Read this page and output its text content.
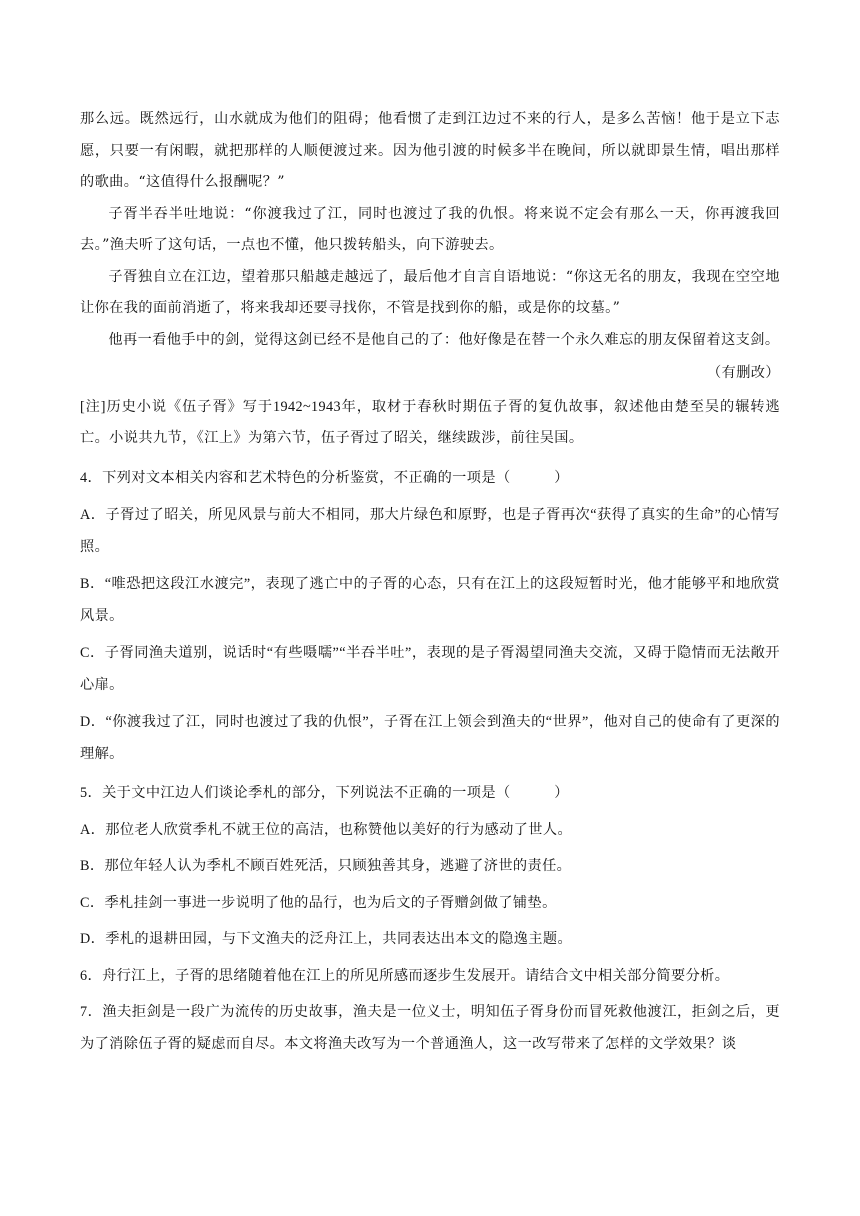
那么远。既然远行，山水就成为他们的阻碍；他看惯了走到江边过不来的行人，是多么苦恼！他于是立下志愿，只要一有闲暇，就把那样的人顺便渡过来。因为他引渡的时候多半在晚间，所以就即景生情，唱出那样的歌曲。“这值得什么报酬呢？”

子胥半吞半吐地说：“你渡我过了江，同时也渡过了我的仇恨。将来说不定会有那么一天，你再渡我回去。”渔夫听了这句话，一点也不懂，他只拨转船头，向下游驶去。

子胥独自立在江边，望着那只船越走越远了，最后他才自言自语地说：“你这无名的朋友，我现在空空地让你在我的面前消逝了，将来我却还要寻找你，不管是找到你的船，或是你的坟墓。”

他再一看他手中的剑，觉得这剑已经不是他自己的了：他好像是在替一个永久难忘的朋友保留着这支剑。

（有删改）

[注]历史小说《伍子胥》写于1942~1943年，取材于春秋时期伍子胥的复仇故事，叙述他由楚至吴的辗转逃亡。小说共九节，《江上》为第六节，伍子胥过了昭关，继续跋涉，前往吴国。

4．下列对文本相关内容和艺术特色的分析鉴赏，不正确的一项是（　　　）

A．子胥过了昭关，所见风景与前大不相同，那大片绿色和原野，也是子胥再次“获得了真实的生命”的心情写照。

B．“唯恐把这段江水渡完”，表现了逃亡中的子胥的心态，只有在江上的这段短暂时光，他才能够平和地欣赏风景。

C．子胥同渔夫道别，说话时“有些嗫嚅”“半吞半吐”，表现的是子胥渴望同渔夫交流，又碍于隐情而无法敞开心扉。

D．“你渡我过了江，同时也渡过了我的仇恨”，子胥在江上领会到渔夫的“世界”，他对自己的使命有了更深的理解。

5．关于文中江边人们谈论季札的部分，下列说法不正确的一项是（　　　）

A．那位老人欣赏季札不就王位的高洁，也称赞他以美好的行为感动了世人。

B．那位年轻人认为季札不顾百姓死活，只顾独善其身，逃避了济世的责任。

C．季札挂剑一事进一步说明了他的品行，也为后文的子胥赠剑做了铺垫。

D．季札的退耕田园，与下文渔夫的泛舟江上，共同表达出本文的隐逸主题。

6．舟行江上，子胥的思绪随着他在江上的所见所感而逐步生发展开。请结合文中相关部分简要分析。

7．渔夫拒剑是一段广为流传的历史故事，渔夫是一位义士，明知伍子胥身份而冒死救他渡江，拒剑之后，更为了消除伍子胥的疑虑而自尽。本文将渔夫改写为一个普通渔人，这一改写带来了怎样的文学效果？谈
